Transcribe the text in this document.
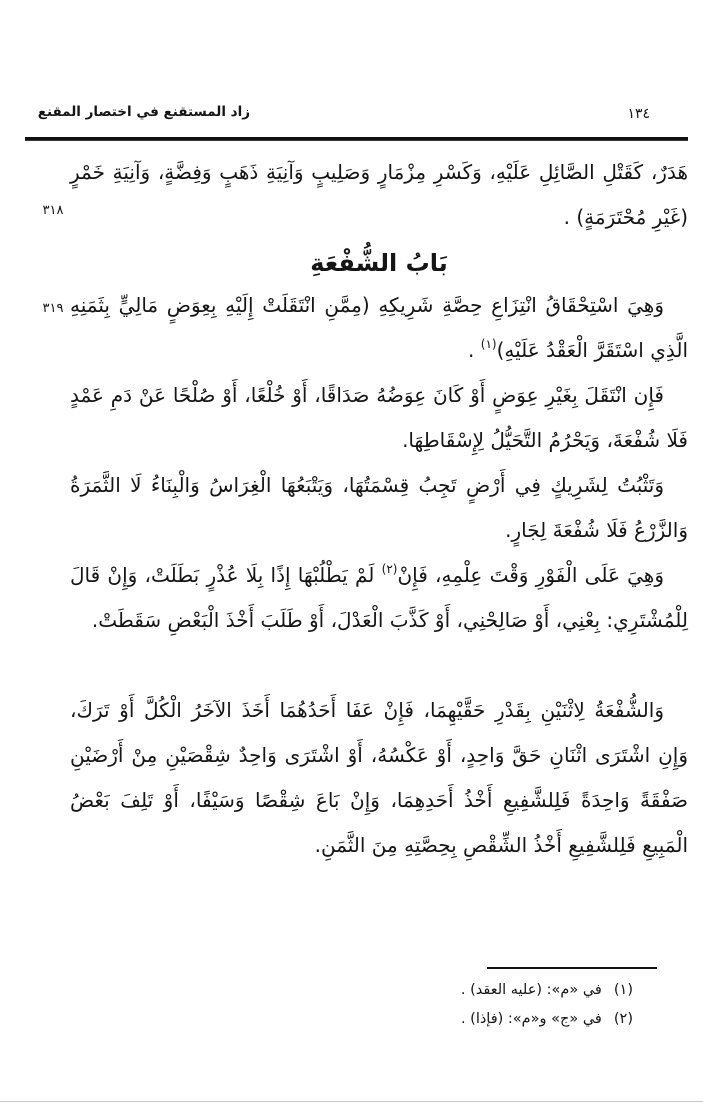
زاد المستقنع في اختصار المقنع	١٣٤
٣١٨
٣١٩
هَدَرٌ، كَقَتْلِ الصَّائِلِ عَلَيْهِ، وَكَسْرِ مِزْمَارٍ وَصَلِيبٍ وَآنِيَةِ ذَهَبٍ وَفِضَّةٍ، وَآنِيَةِ خَمْرٍ (غَيْرِ مُحْتَرَمَةٍ) .
بَابُ الشُّفْعَةِ
وَهِيَ اسْتِحْقَاقُ انْتِزَاعِ حِصَّةِ شَرِيكِهِ (مِمَّنِ انْتَقَلَتْ إِلَيْهِ بِعِوَضٍ مَالِيٍّ بِثَمَنِهِ الَّذِي اسْتَقَرَّ الْعَقْدُ عَلَيْهِ)$^{(١)}$ .
فَإِن انْتَقَلَ بِغَيْرِ عِوَضٍ أَوْ كَانَ عِوَضُهُ صَدَاقًا، أَوْ خُلْعًا، أَوْ صُلْحًا عَنْ دَمِ عَمْدٍ فَلَا شُفْعَةَ، وَيَحْرُمُ التَّحَيُّلُ لِإِسْقَاطِهَا.
وَتَثْبُتُ لِشَرِيكٍ فِي أَرْضٍ تَجِبُ قِسْمَتُهَا، وَيَتْبَعُهَا الْغِرَاسُ وَالْبِنَاءُ لَا الثَّمَرَةُ وَالزَّرْعُ فَلَا شُفْعَةَ لِجَارٍ.
وَهِيَ عَلَى الْفَوْرِ وَقْتَ عِلْمِهِ، فَإِنْ$^{(٢)}$ لَمْ يَطْلُبْهَا إِذًا بِلَا عُذْرٍ بَطَلَتْ، وَإِنْ قَالَ لِلْمُشْتَرِي: بِعْنِي، أَوْ صَالِحْنِي، أَوْ كَذَّبَ الْعَدْلَ، أَوْ طَلَبَ أَخْذَ الْبَعْضِ سَقَطَتْ.
وَالشُّفْعَةُ لِاثْنَيْنِ بِقَدْرِ حَقَّيْهِمَا، فَإِنْ عَفَا أَحَدُهُمَا أَخَذَ الآخَرُ الْكُلَّ أَوْ تَرَكَ، وَإِنِ اشْتَرَى اثْنَانِ حَقَّ وَاحِدٍ، أَوْ عَكْسُهُ، أَوْ اشْتَرَى وَاحِدٌ شِقْصَيْنِ مِنْ أَرْضَيْنِ صَفْقَةً وَاحِدَةً فَلِلشَّفِيعِ أَخْذُ أَحَدِهِمَا، وَإِنْ بَاعَ شِقْصًا وَسَيْفًا، أَوْ تَلِفَ بَعْضُ الْمَبِيعِ فَلِلشَّفِيعِ أَخْذُ الشِّقْصِ بِحِصَّتِهِ مِنَ الثَّمَنِ.
(١)في «م»: (عليه العقد) .
(٢)في «ج» و«م»: (فإذا) .
